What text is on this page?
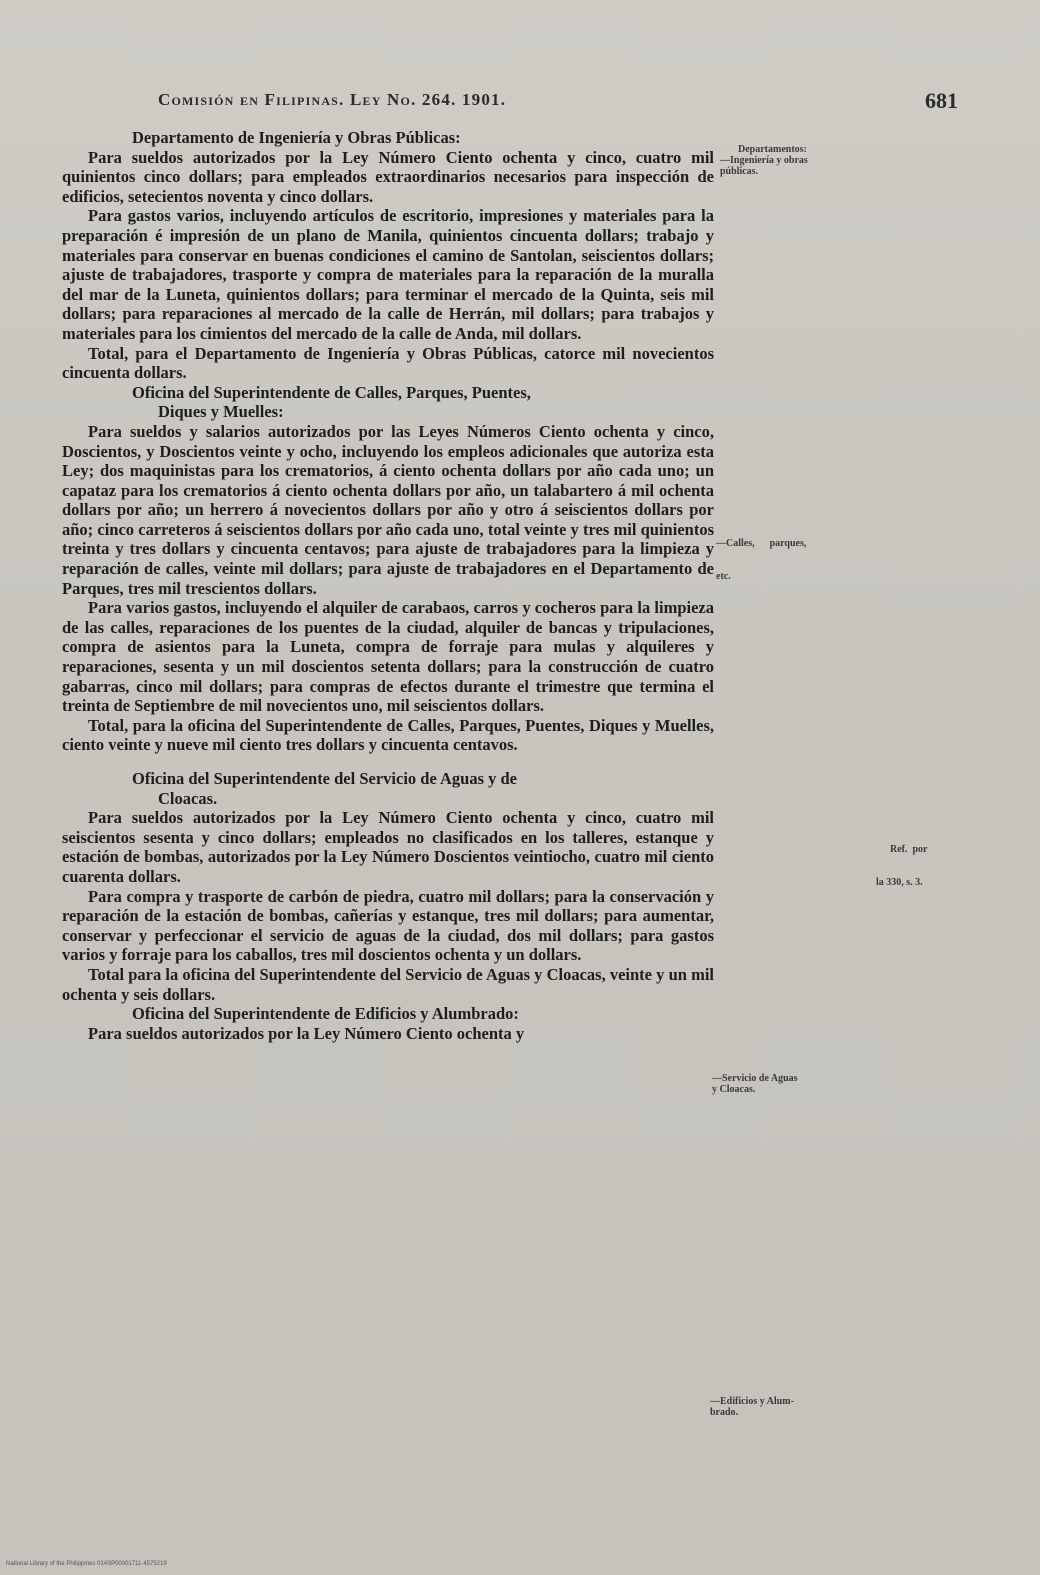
Comisión en Filipinas. Ley No. 264. 1901.	681

Departamento de Ingeniería y Obras Públicas:

Para sueldos autorizados por la Ley Número Ciento ochenta y cinco, cuatro mil quinientos cinco dollars; para empleados extraordinarios necesarios para inspección de edificios, setecientos noventa y cinco dollars.

Para gastos varios, incluyendo artículos de escritorio, impresiones y materiales para la preparación é impresión de un plano de Manila, quinientos cincuenta dollars; trabajo y materiales para conservar en buenas condiciones el camino de Santolan, seiscientos dollars; ajuste de trabajadores, trasporte y compra de materiales para la reparación de la muralla del mar de la Luneta, quinientos dollars; para terminar el mercado de la Quinta, seis mil dollars; para reparaciones al mercado de la calle de Herrán, mil dollars; para trabajos y materiales para los cimientos del mercado de la calle de Anda, mil dollars.

Total, para el Departamento de Ingeniería y Obras Públicas, catorce mil novecientos cincuenta dollars.

Oficina del Superintendente de Calles, Parques, Puentes,
Diques y Muelles:

Para sueldos y salarios autorizados por las Leyes Números Ciento ochenta y cinco, Doscientos, y Doscientos veinte y ocho, incluyendo los empleos adicionales que autoriza esta Ley; dos maquinistas para los crematorios, á ciento ochenta dollars por año cada uno; un capataz para los crematorios á ciento ochenta dollars por año, un talabartero á mil ochenta dollars por año; un herrero á novecientos dollars por año y otro á seiscientos dollars por año; cinco carreteros á seiscientos dollars por año cada uno, total veinte y tres mil quinientos treinta y tres dollars y cincuenta centavos; para ajuste de trabajadores para la limpieza y reparación de calles, veinte mil dollars; para ajuste de trabajadores en el Departamento de Parques, tres mil trescientos dollars.

Para varios gastos, incluyendo el alquiler de carabaos, carros y cocheros para la limpieza de las calles, reparaciones de los puentes de la ciudad, alquiler de bancas y tripulaciones, compra de asientos para la Luneta, compra de forraje para mulas y alquileres y reparaciones, sesenta y un mil doscientos setenta dollars; para la construcción de cuatro gabarras, cinco mil dollars; para compras de efectos durante el trimestre que termina el treinta de Septiembre de mil novecientos uno, mil seiscientos dollars.

Total, para la oficina del Superintendente de Calles, Parques, Puentes, Diques y Muelles, ciento veinte y nueve mil ciento tres dollars y cincuenta centavos.

Oficina del Superintendente del Servicio de Aguas y de
Cloacas.

Para sueldos autorizados por la Ley Número Ciento ochenta y cinco, cuatro mil seiscientos sesenta y cinco dollars; empleados no clasificados en los talleres, estanque y estación de bombas, autorizados por la Ley Número Doscientos veintiocho, cuatro mil ciento cuarenta dollars.

Para compra y trasporte de carbón de piedra, cuatro mil dollars; para la conservación y reparación de la estación de bombas, cañerías y estanque, tres mil dollars; para aumentar, conservar y perfeccionar el servicio de aguas de la ciudad, dos mil dollars; para gastos varios y forraje para los caballos, tres mil doscientos ochenta y un dollars.

Total para la oficina del Superintendente del Servicio de Aguas y Cloacas, veinte y un mil ochenta y seis dollars.

Oficina del Superintendente de Edificios y Alumbrado:

Para sueldos autorizados por la Ley Número Ciento ochenta y

Departamentos:
—Ingeniería y obras
públicas.

—Calles,      parques,

etc.

Ref.  por

la 330, s. 3.

—Servicio de Aguas
y Cloacas.
—Edificios y Alum-
brado.
National Library of the Philippines 014SP00001711·4575219
